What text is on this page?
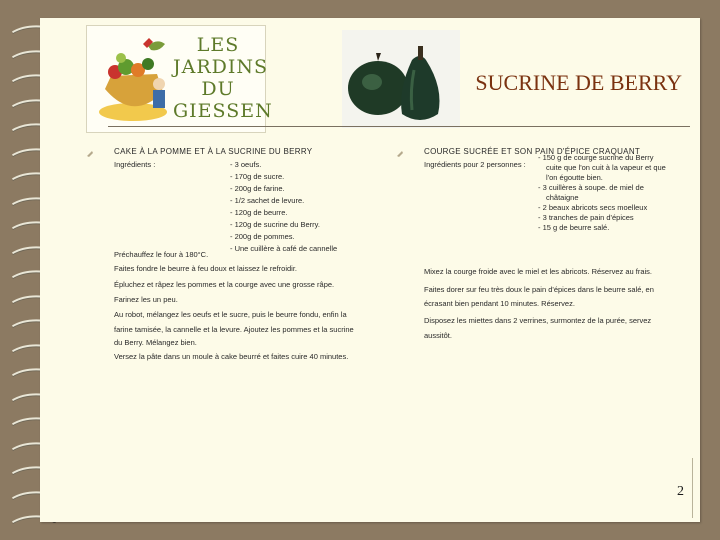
LES
JARDINS
DU
GIESSEN
SUCRINE DE BERRY
CAKE À LA POMME ET À LA SUCRINE DU BERRY
Ingrédients :
-	3 oeufs.
- 170g de sucre.
- 200g de farine.
- 1/2 sachet de levure.
- 120g de beurre.
- 120g de sucrine du Berry.
- 200g de pommes.
- Une cuillère à café de cannelle
Préchauffez le four à 180°C.
Faites fondre le beurre à feu doux et laissez le refroidir.
Épluchez et râpez les pommes et la courge avec une grosse râpe.
Farinez les un peu.
Au robot, mélangez les oeufs et le sucre, puis le beurre fondu, enfin la
farine tamisée, la cannelle et la levure. Ajoutez les pommes et la sucrine
du Berry. Mélangez bien.
Versez la pâte dans un moule à cake beurré et faites cuire 40 minutes.
COURGE SUCRÉE ET SON PAIN D'ÉPICE CRAQUANT
Ingrédients pour 2 personnes :
- 150 g de courge sucrine du Berry
cuite que l'on cuit à la vapeur et que
l'on égoutte bien.
- 3 cuillères à soupe. de miel de
châtaigne
- 2 beaux abricots secs moelleux
- 3 tranches de pain d'épices
- 15 g de beurre salé.
Mixez la courge froide avec le miel et les abricots. Réservez au frais.
Faites dorer sur feu très doux le pain d'épices dans le beurre salé, en
écrasant bien pendant 10 minutes. Réservez.
Disposez les miettes dans 2 verrines, surmontez de la purée, servez
aussitôt.
2
